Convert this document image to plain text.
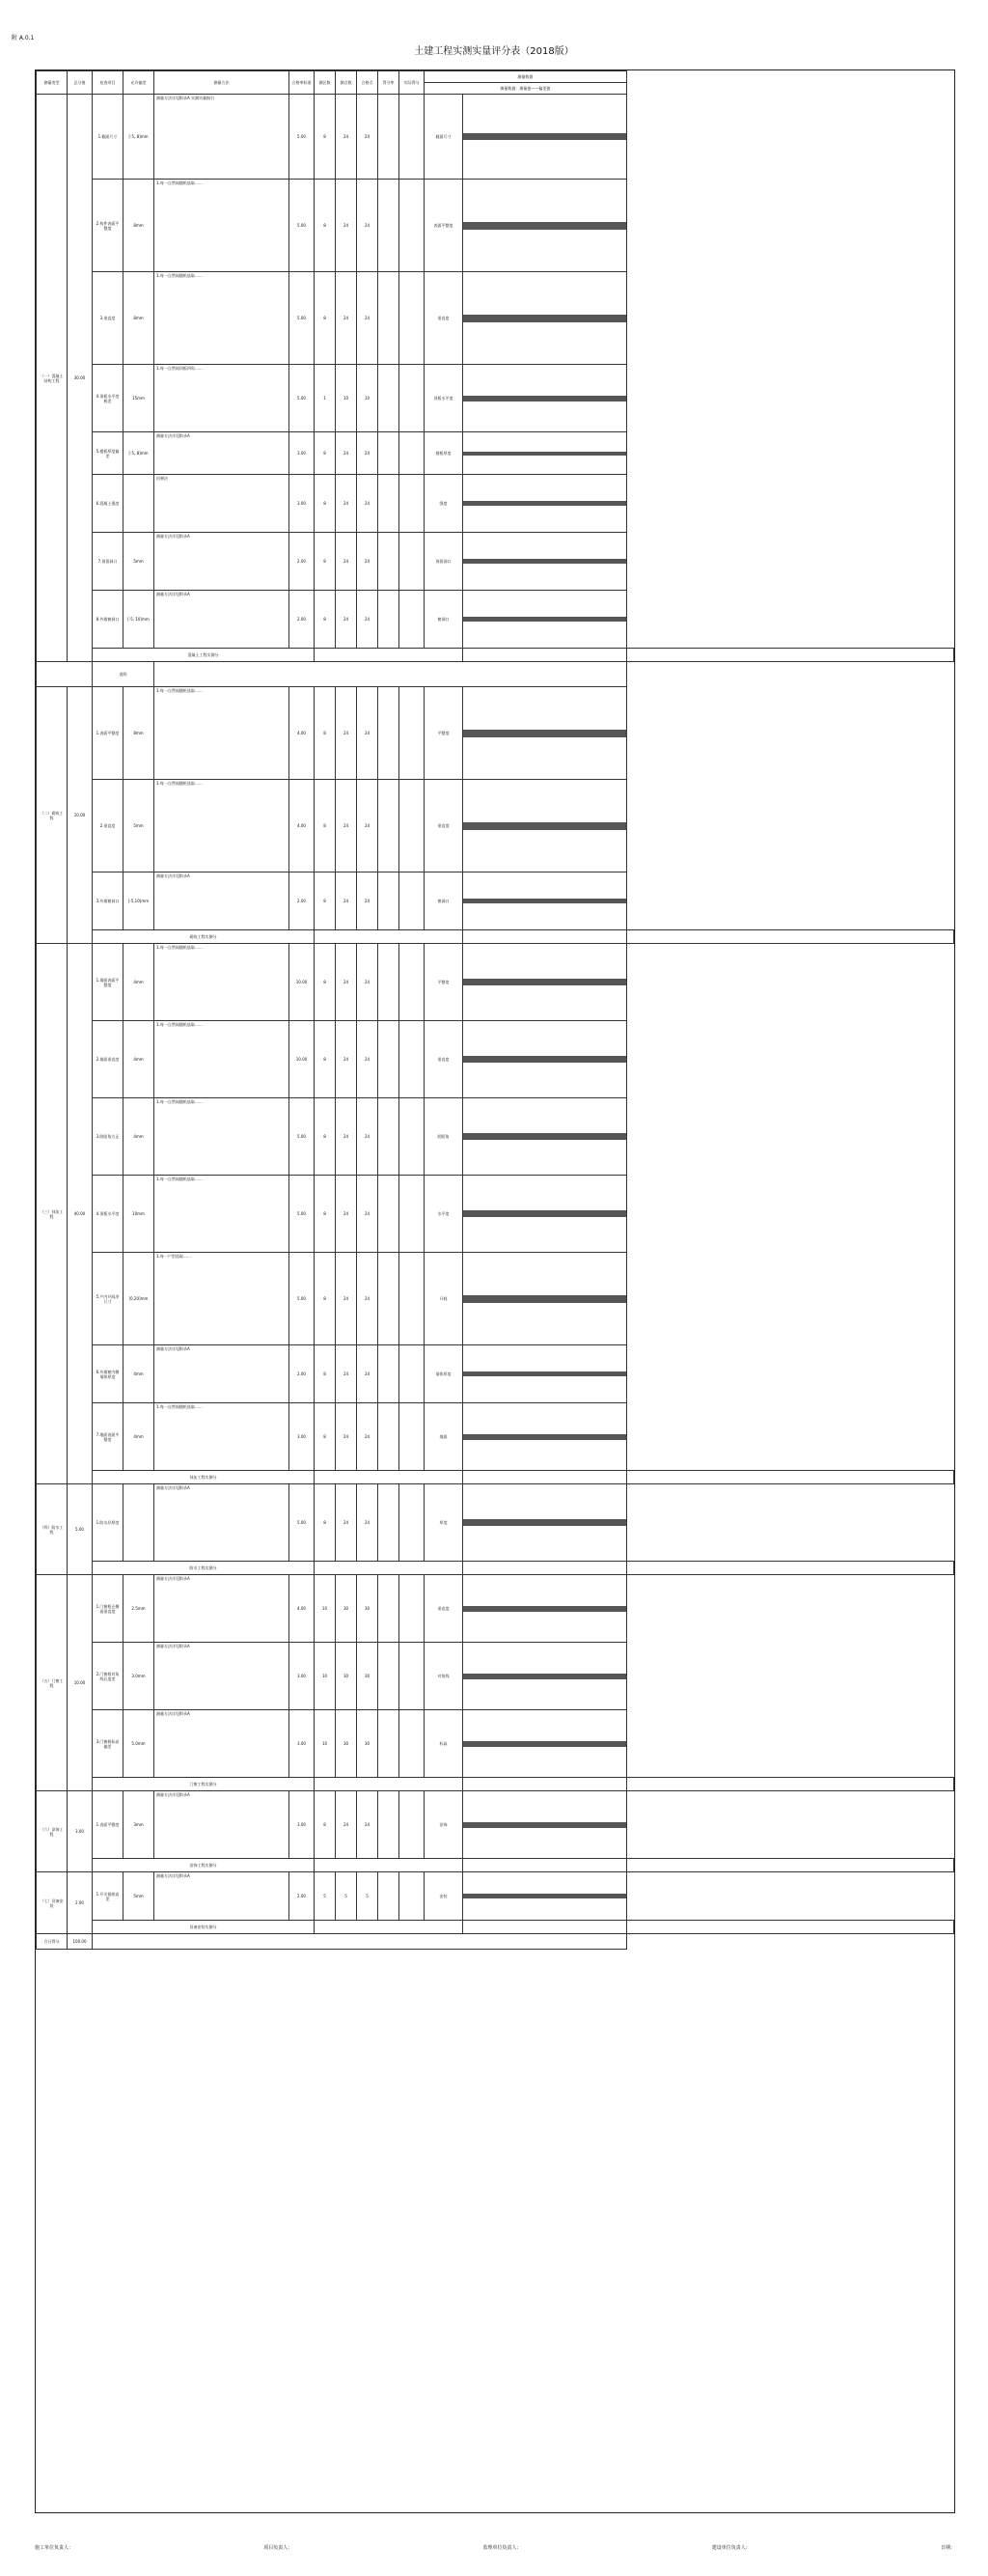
附 A.0.1
土建工程实测实量评分表（2018版）
测量类型	总分值	检查项目	允许偏差	测量方法	合格率标准	测区数	测点数	合格点	得分率	实际得分	测量数据
测量数据：测量值——偏差值
（一）混凝土结构工程	30.00	1.截面尺寸	[-5, 8]mm	测量方法详见附录A 实测实量指引	5.00	8	24	24			截面尺寸	

2.构件表面平整度	8mm	1.每一自然间随机选取……	5.00	8	24	24			表面平整度	

3.垂直度	8mm	1.每一自然间随机选取……	5.00	8	24	24			垂直度	

4.顶板水平度极差	15mm	1.每一自然间顶板四角……	5.00	1	10	10			顶板水平度	

5.楼板厚度偏差	[-5, 8]mm	测量方法详见附录A	3.00	8	24	24			楼板厚度	

6.混凝土强度		回弹法	3.00	8	24	24			强度	

7.预留洞口	5mm	测量方法详见附录A	2.00	8	24	24			预留洞口	

8.外墙窗洞口	[-5, 10]mm	测量方法详见附录A	2.00	8	24	24			窗洞口	

混凝土工程实测分			
	说明	
（二）砌筑工程	10.00	1.表面平整度	8mm	1.每一自然间随机选取……	4.00	8	24	24			平整度	

2.垂直度	5mm	1.每一自然间随机选取……	4.00	8	24	24			垂直度	

3.外墙窗洞口	[-5,10]mm	测量方法详见附录A	2.00	8	24	24			窗洞口	

砌筑工程实测分			
（三）抹灰工程	40.00	1.墙面表面平整度	4mm	1.每一自然间随机选取……	10.00	8	24	24			平整度	

2.墙面垂直度	4mm	1.每一自然间随机选取……	10.00	8	24	24			垂直度	

3.阴阳角方正	4mm	1.每一自然间随机选取……	5.00	8	24	24			阴阳角	

4.顶板水平度	10mm	1.每一自然间随机选取……	5.00	8	24	24			水平度	

5.户内开间净尺寸	[0,20]mm	1.每一户型选取……	5.00	8	24	24			开间	

6.外墙窗内侧墙体厚度	4mm	测量方法详见附录A	2.00	8	24	24			墙体厚度	

7.地面表面平整度	4mm	1.每一自然间随机选取……	3.00	8	24	24			地面	

抹灰工程实测分			
（四）防水工程	5.00	1.防水层厚度		测量方法详见附录A	5.00	8	24	24			厚度	

防水工程实测分			
（五）门窗工程	10.00	1.门窗框正侧面垂直度	2.5mm	测量方法详见附录A	4.00	10	30	30			垂直度	

2.门窗框对角线长度差	3.0mm	测量方法详见附录A	3.00	10	30	30			对角线	

3.门窗框标高偏差	5.0mm	测量方法详见附录A	3.00	10	30	30			标高	

门窗工程实测分			
（六）涂饰工程	3.00	1.表面平整度	3mm	测量方法详见附录A	3.00	8	24	24			涂饰	

涂饰工程实测分			
（七）设备安装	2.00	1.开关插座高差	5mm	测量方法详见附录A	2.00	5	5	5			安装	

设备安装实测分			
合计得分	100.00	
施工单位负责人：	项目负责人：	监理单位负责人：	建设单位负责人：	日期：
